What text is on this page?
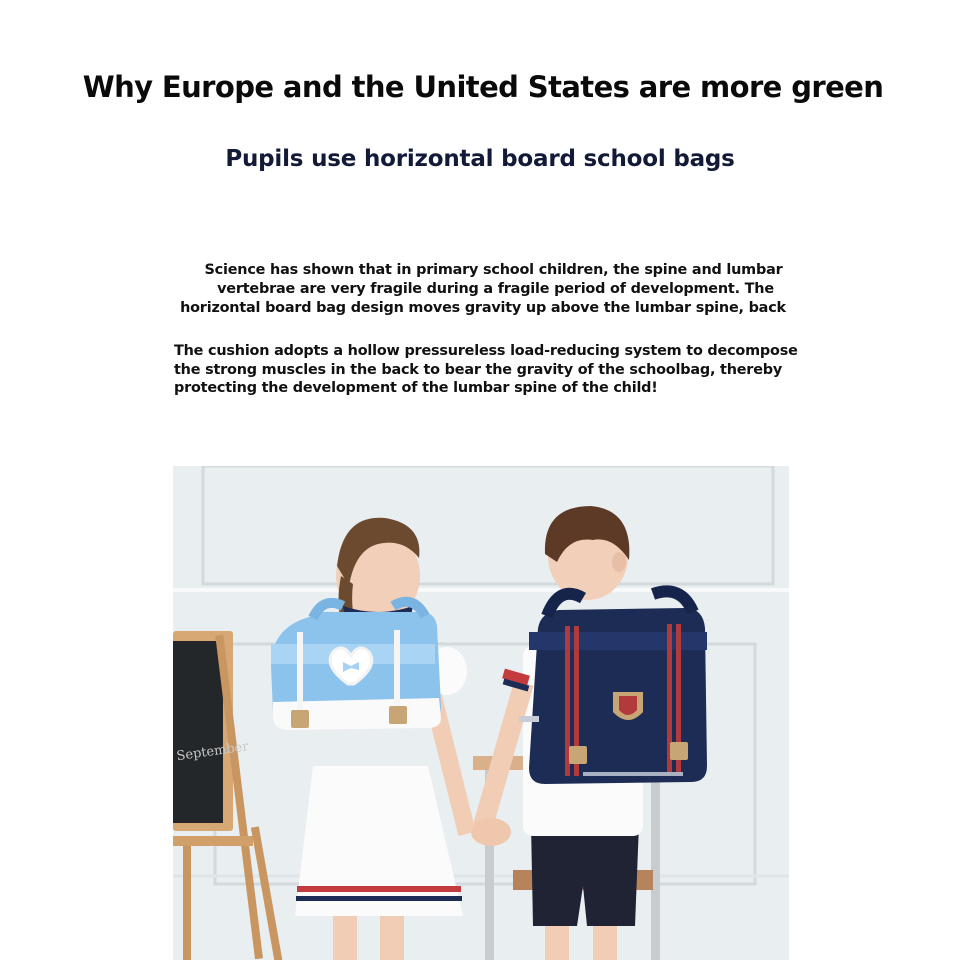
Why Europe and the United States are more green
Pupils use horizontal board school bags
Science has shown that in primary school children, the spine and lumbar
vertebrae are very fragile during a fragile period of development. The
horizontal board bag design moves gravity up above the lumbar spine, back
The cushion adopts a hollow pressureless load-reducing system to decompose
the strong muscles in the back to bear the gravity of the schoolbag, thereby
protecting the development of the lumbar spine of the child!
September
